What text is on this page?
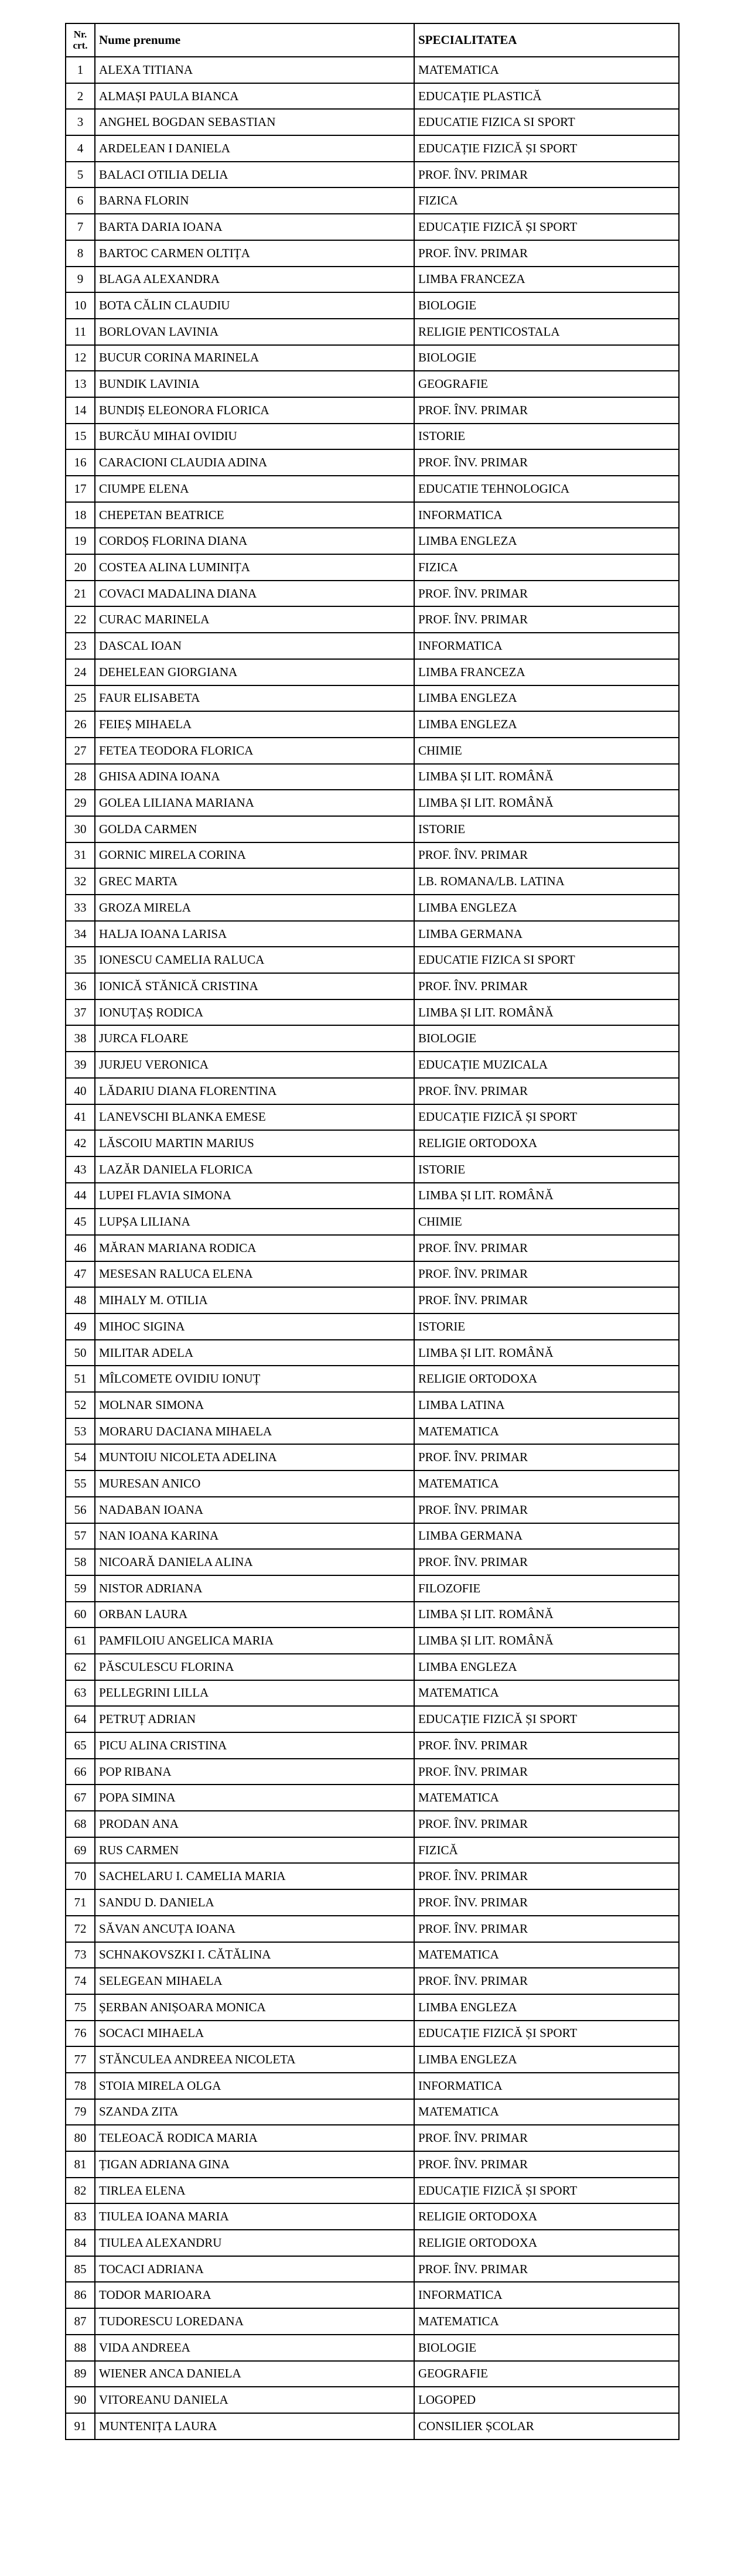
Nr. crt.	Nume prenume	SPECIALITATEA
1	ALEXA TITIANA	MATEMATICA
2	ALMAȘI PAULA BIANCA	EDUCAȚIE PLASTICĂ
3	ANGHEL BOGDAN SEBASTIAN	EDUCATIE FIZICA SI SPORT
4	ARDELEAN I DANIELA	EDUCAȚIE FIZICĂ ȘI SPORT
5	BALACI OTILIA DELIA	PROF. ÎNV. PRIMAR
6	BARNA FLORIN	FIZICA
7	BARTA DARIA IOANA	EDUCAȚIE FIZICĂ ȘI SPORT
8	BARTOC CARMEN OLTIȚA	PROF. ÎNV. PRIMAR
9	BLAGA ALEXANDRA	LIMBA FRANCEZA
10	BOTA CĂLIN CLAUDIU	BIOLOGIE
11	BORLOVAN LAVINIA	RELIGIE PENTICOSTALA
12	BUCUR CORINA MARINELA	BIOLOGIE
13	BUNDIK LAVINIA	GEOGRAFIE
14	BUNDIȘ ELEONORA FLORICA	PROF. ÎNV. PRIMAR
15	BURCĂU MIHAI OVIDIU	ISTORIE
16	CARACIONI CLAUDIA ADINA	PROF. ÎNV. PRIMAR
17	CIUMPE ELENA	EDUCATIE TEHNOLOGICA
18	CHEPETAN BEATRICE	INFORMATICA
19	CORDOȘ FLORINA DIANA	LIMBA ENGLEZA
20	COSTEA ALINA LUMINIȚA	FIZICA
21	COVACI MADALINA DIANA	PROF. ÎNV. PRIMAR
22	CURAC MARINELA	PROF. ÎNV. PRIMAR
23	DASCAL IOAN	INFORMATICA
24	DEHELEAN GIORGIANA	LIMBA FRANCEZA
25	FAUR ELISABETA	LIMBA ENGLEZA
26	FEIEȘ MIHAELA	LIMBA ENGLEZA
27	FETEA TEODORA FLORICA	CHIMIE
28	GHISA ADINA IOANA	LIMBA ȘI LIT. ROMÂNĂ
29	GOLEA LILIANA MARIANA	LIMBA ȘI LIT. ROMÂNĂ
30	GOLDA CARMEN	ISTORIE
31	GORNIC MIRELA CORINA	PROF. ÎNV. PRIMAR
32	GREC MARTA	LB. ROMANA/LB. LATINA
33	GROZA MIRELA	LIMBA ENGLEZA
34	HALJA IOANA LARISA	LIMBA GERMANA
35	IONESCU CAMELIA RALUCA	EDUCATIE FIZICA SI SPORT
36	IONICĂ STĂNICĂ CRISTINA	PROF. ÎNV. PRIMAR
37	IONUȚAȘ RODICA	LIMBA ȘI LIT. ROMÂNĂ
38	JURCA FLOARE	BIOLOGIE
39	JURJEU VERONICA	EDUCAȚIE MUZICALA
40	LĂDARIU DIANA FLORENTINA	PROF. ÎNV. PRIMAR
41	LANEVSCHI BLANKA EMESE	EDUCAȚIE FIZICĂ ȘI SPORT
42	LĂSCOIU MARTIN MARIUS	RELIGIE ORTODOXA
43	LAZĂR DANIELA FLORICA	ISTORIE
44	LUPEI FLAVIA SIMONA	LIMBA ȘI LIT. ROMÂNĂ
45	LUPȘA LILIANA	CHIMIE
46	MĂRAN MARIANA RODICA	PROF. ÎNV. PRIMAR
47	MESESAN RALUCA ELENA	PROF. ÎNV. PRIMAR
48	MIHALY M. OTILIA	PROF. ÎNV. PRIMAR
49	MIHOC SIGINA	ISTORIE
50	MILITAR ADELA	LIMBA ȘI LIT. ROMÂNĂ
51	MÎLCOMETE OVIDIU IONUȚ	RELIGIE ORTODOXA
52	MOLNAR SIMONA	LIMBA LATINA
53	MORARU DACIANA MIHAELA	MATEMATICA
54	MUNTOIU NICOLETA ADELINA	PROF. ÎNV. PRIMAR
55	MURESAN ANICO	MATEMATICA
56	NADABAN IOANA	PROF. ÎNV. PRIMAR
57	NAN IOANA KARINA	LIMBA GERMANA
58	NICOARĂ DANIELA ALINA	PROF. ÎNV. PRIMAR
59	NISTOR ADRIANA	FILOZOFIE
60	ORBAN LAURA	LIMBA ȘI LIT. ROMÂNĂ
61	PAMFILOIU ANGELICA MARIA	LIMBA ȘI LIT. ROMÂNĂ
62	PĂSCULESCU FLORINA	LIMBA ENGLEZA
63	PELLEGRINI LILLA	MATEMATICA
64	PETRUȚ ADRIAN	EDUCAȚIE FIZICĂ ȘI SPORT
65	PICU ALINA CRISTINA	PROF. ÎNV. PRIMAR
66	POP RIBANA	PROF. ÎNV. PRIMAR
67	POPA SIMINA	MATEMATICA
68	PRODAN ANA	PROF. ÎNV. PRIMAR
69	RUS CARMEN	FIZICĂ
70	SACHELARU I. CAMELIA MARIA	PROF. ÎNV. PRIMAR
71	SANDU D. DANIELA	PROF. ÎNV. PRIMAR
72	SĂVAN ANCUȚA IOANA	PROF. ÎNV. PRIMAR
73	SCHNAKOVSZKI I. CĂTĂLINA	MATEMATICA
74	SELEGEAN MIHAELA	PROF. ÎNV. PRIMAR
75	ȘERBAN ANIȘOARA MONICA	LIMBA ENGLEZA
76	SOCACI MIHAELA	EDUCAȚIE FIZICĂ ȘI SPORT
77	STĂNCULEA ANDREEA NICOLETA	LIMBA ENGLEZA
78	STOIA MIRELA OLGA	INFORMATICA
79	SZANDA ZITA	MATEMATICA
80	TELEOACĂ RODICA MARIA	PROF. ÎNV. PRIMAR
81	ȚIGAN ADRIANA GINA	PROF. ÎNV. PRIMAR
82	TIRLEA ELENA	EDUCAȚIE FIZICĂ ȘI SPORT
83	TIULEA IOANA MARIA	RELIGIE ORTODOXA
84	TIULEA ALEXANDRU	RELIGIE ORTODOXA
85	TOCACI ADRIANA	PROF. ÎNV. PRIMAR
86	TODOR MARIOARA	INFORMATICA
87	TUDORESCU LOREDANA	MATEMATICA
88	VIDA ANDREEA	BIOLOGIE
89	WIENER ANCA DANIELA	GEOGRAFIE
90	VITOREANU DANIELA	LOGOPED
91	MUNTENIȚA LAURA	CONSILIER ȘCOLAR
